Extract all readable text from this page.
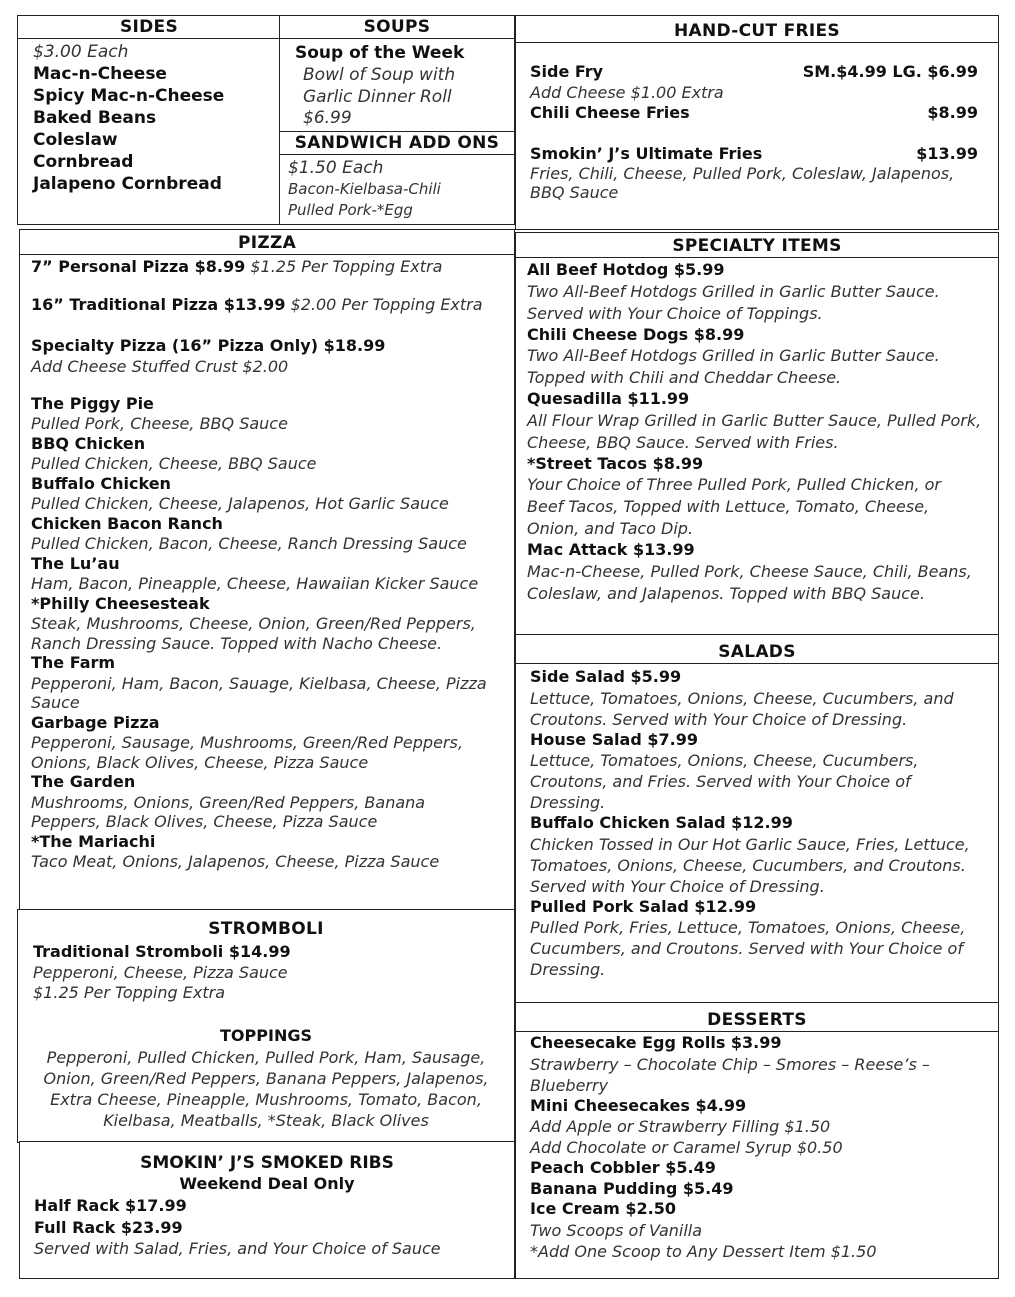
SIDES
$3.00 Each
Mac-n-Cheese
Spicy Mac-n-Cheese
Baked Beans
Coleslaw
Cornbread
Jalapeno Cornbread
SOUPS
Soup of the Week
Bowl of Soup with
Garlic Dinner Roll
$6.99
SANDWICH ADD ONS
$1.50 Each
Bacon-Kielbasa-Chili
Pulled Pork-*Egg
HAND-CUT FRIES
Side Fry	SM.$4.99 LG. $6.99
Add Cheese $1.00 Extra
Chili Cheese Fries	$8.99
Smokin’ J’s Ultimate Fries	$13.99
Fries, Chili, Cheese, Pulled Pork, Coleslaw, Jalapenos,
BBQ Sauce
PIZZA
7” Personal Pizza $8.99 $1.25 Per Topping Extra
16” Traditional Pizza $13.99 $2.00 Per Topping Extra
Specialty Pizza (16” Pizza Only) $18.99
Add Cheese Stuffed Crust $2.00
The Piggy Pie
Pulled Pork, Cheese, BBQ Sauce
BBQ Chicken
Pulled Chicken, Cheese, BBQ Sauce
Buffalo Chicken
Pulled Chicken, Cheese, Jalapenos, Hot Garlic Sauce
Chicken Bacon Ranch
Pulled Chicken, Bacon, Cheese, Ranch Dressing Sauce
The Lu’au
Ham, Bacon, Pineapple, Cheese, Hawaiian Kicker Sauce
*Philly Cheesesteak
Steak, Mushrooms, Cheese, Onion, Green/Red Peppers,
Ranch Dressing Sauce. Topped with Nacho Cheese.
The Farm
Pepperoni, Ham, Bacon, Sauage, Kielbasa, Cheese, Pizza
Sauce
Garbage Pizza
Pepperoni, Sausage, Mushrooms, Green/Red Peppers,
Onions, Black Olives, Cheese, Pizza Sauce
The Garden
Mushrooms, Onions, Green/Red Peppers, Banana
Peppers, Black Olives, Cheese, Pizza Sauce
*The Mariachi
Taco Meat, Onions, Jalapenos, Cheese, Pizza Sauce
SPECIALTY ITEMS
All Beef Hotdog $5.99
Two All-Beef Hotdogs Grilled in Garlic Butter Sauce.
Served with Your Choice of Toppings.
Chili Cheese Dogs $8.99
Two All-Beef Hotdogs Grilled in Garlic Butter Sauce.
Topped with Chili and Cheddar Cheese.
Quesadilla $11.99
All Flour Wrap Grilled in Garlic Butter Sauce, Pulled Pork,
Cheese, BBQ Sauce. Served with Fries.
*Street Tacos $8.99
Your Choice of Three Pulled Pork, Pulled Chicken, or
Beef Tacos, Topped with Lettuce, Tomato, Cheese,
Onion, and Taco Dip.
Mac Attack $13.99
Mac-n-Cheese, Pulled Pork, Cheese Sauce, Chili, Beans,
Coleslaw, and Jalapenos. Topped with BBQ Sauce.
SALADS
Side Salad $5.99
Lettuce, Tomatoes, Onions, Cheese, Cucumbers, and
Croutons. Served with Your Choice of Dressing.
House Salad $7.99
Lettuce, Tomatoes, Onions, Cheese, Cucumbers,
Croutons, and Fries. Served with Your Choice of
Dressing.
Buffalo Chicken Salad $12.99
Chicken Tossed in Our Hot Garlic Sauce, Fries, Lettuce,
Tomatoes, Onions, Cheese, Cucumbers, and Croutons.
Served with Your Choice of Dressing.
Pulled Pork Salad $12.99
Pulled Pork, Fries, Lettuce, Tomatoes, Onions, Cheese,
Cucumbers, and Croutons. Served with Your Choice of
Dressing.
STROMBOLI
Traditional Stromboli $14.99
Pepperoni, Cheese, Pizza Sauce
$1.25 Per Topping Extra
TOPPINGS
Pepperoni, Pulled Chicken, Pulled Pork, Ham, Sausage,
Onion, Green/Red Peppers, Banana Peppers, Jalapenos,
Extra Cheese, Pineapple, Mushrooms, Tomato, Bacon,
Kielbasa, Meatballs, *Steak, Black Olives
SMOKIN’ J’S SMOKED RIBS
Weekend Deal Only
Half Rack $17.99
Full Rack $23.99
Served with Salad, Fries, and Your Choice of Sauce
DESSERTS
Cheesecake Egg Rolls $3.99
Strawberry – Chocolate Chip – Smores – Reese’s –
Blueberry
Mini Cheesecakes $4.99
Add Apple or Strawberry Filling $1.50
Add Chocolate or Caramel Syrup $0.50
Peach Cobbler $5.49
Banana Pudding $5.49
Ice Cream $2.50
Two Scoops of Vanilla
*Add One Scoop to Any Dessert Item $1.50
